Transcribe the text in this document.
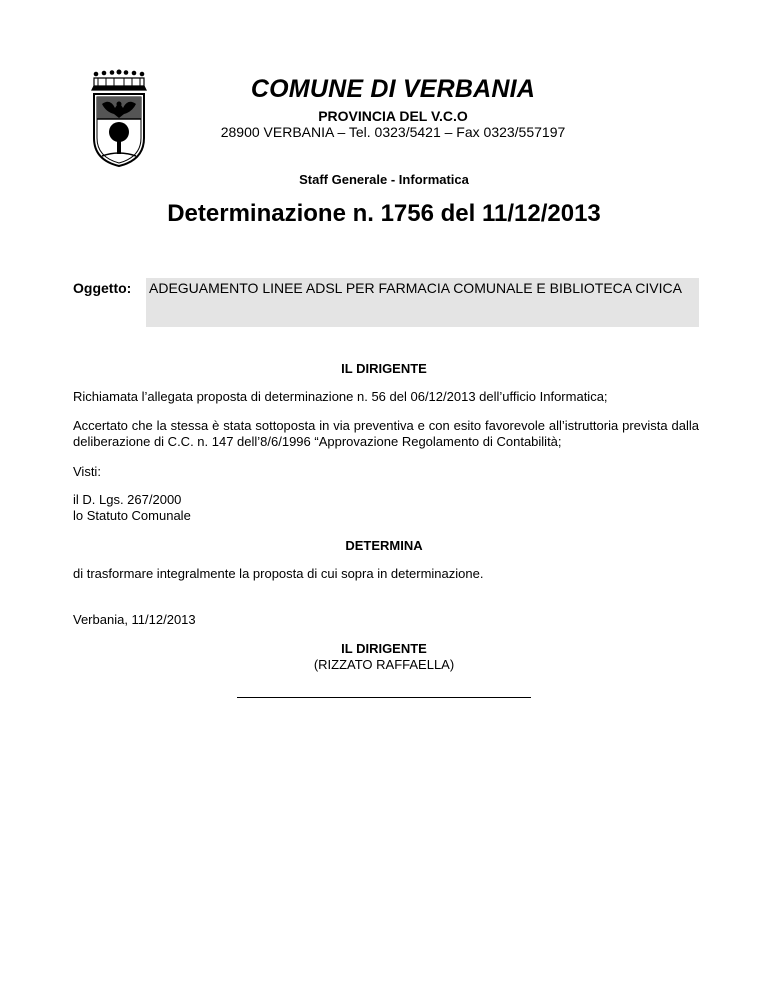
COMUNE DI VERBANIA
PROVINCIA DEL V.C.O
28900 VERBANIA – Tel. 0323/5421 – Fax 0323/557197
Staff Generale - Informatica
Determinazione n. 1756 del 11/12/2013
Oggetto: ADEGUAMENTO LINEE ADSL PER FARMACIA COMUNALE E BIBLIOTECA CIVICA
IL DIRIGENTE
Richiamata l’allegata proposta di determinazione n. 56 del 06/12/2013 dell’ufficio Informatica;
Accertato che la stessa è stata sottoposta in via preventiva e con esito favorevole all’istruttoria prevista dalla deliberazione di C.C. n. 147 dell’8/6/1996 “Approvazione Regolamento di Contabilità;
Visti:
il D. Lgs. 267/2000
lo Statuto Comunale
DETERMINA
di trasformare integralmente la proposta di cui sopra in determinazione.
Verbania, 11/12/2013
IL DIRIGENTE
(RIZZATO RAFFAELLA)
